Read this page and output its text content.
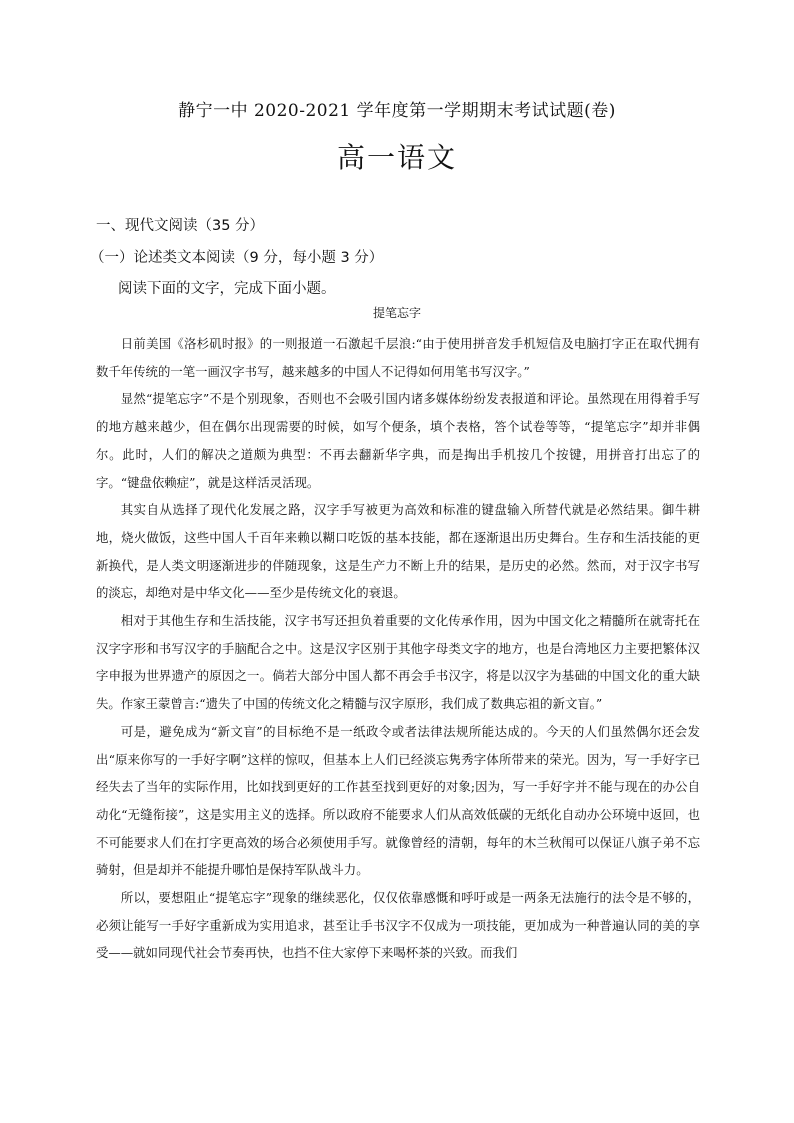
静宁一中 2020-2021 学年度第一学期期末考试试题(卷)
高一语文
一、现代文阅读（35 分）
（一）论述类文本阅读（9 分，每小题 3 分）
阅读下面的文字，完成下面小题。
提笔忘字

日前美国《洛杉矶时报》的一则报道一石激起千层浪:“由于使用拼音发手机短信及电脑打字正在取代拥有数千年传统的一笔一画汉字书写，越来越多的中国人不记得如何用笔书写汉字。”

显然“提笔忘字”不是个别现象，否则也不会吸引国内诸多媒体纷纷发表报道和评论。虽然现在用得着手写的地方越来越少，但在偶尔出现需要的时候，如写个便条，填个表格，答个试卷等等，“提笔忘字”却并非偶尔。此时，人们的解决之道颇为典型：不再去翻新华字典，而是掏出手机按几个按键，用拼音打出忘了的字。“键盘依赖症”，就是这样活灵活现。

其实自从选择了现代化发展之路，汉字手写被更为高效和标准的键盘输入所替代就是必然结果。御牛耕地，烧火做饭，这些中国人千百年来赖以糊口吃饭的基本技能，都在逐渐退出历史舞台。生存和生活技能的更新换代，是人类文明逐渐进步的伴随现象，这是生产力不断上升的结果，是历史的必然。然而，对于汉字书写的淡忘，却绝对是中华文化——至少是传统文化的衰退。

相对于其他生存和生活技能，汉字书写还担负着重要的文化传承作用，因为中国文化之精髓所在就寄托在汉字字形和书写汉字的手脑配合之中。这是汉字区别于其他字母类文字的地方，也是台湾地区力主要把繁体汉字申报为世界遗产的原因之一。倘若大部分中国人都不再会手书汉字，将是以汉字为基础的中国文化的重大缺失。作家王蒙曾言:“遗失了中国的传统文化之精髓与汉字原形，我们成了数典忘祖的新文盲。”

可是，避免成为“新文盲”的目标绝不是一纸政令或者法律法规所能达成的。今天的人们虽然偶尔还会发出“原来你写的一手好字啊”这样的惊叹，但基本上人们已经淡忘隽秀字体所带来的荣光。因为，写一手好字已经失去了当年的实际作用，比如找到更好的工作甚至找到更好的对象;因为，写一手好字并不能与现在的办公自动化“无缝衔接”，这是实用主义的选择。所以政府不能要求人们从高效低碳的无纸化自动办公环境中返回，也不可能要求人们在打字更高效的场合必须使用手写。就像曾经的清朝，每年的木兰秋闱可以保证八旗子弟不忘骑射，但是却并不能提升哪怕是保持军队战斗力。

所以，要想阻止“提笔忘字”现象的继续恶化，仅仅依靠感慨和呼吁或是一两条无法施行的法令是不够的，必须让能写一手好字重新成为实用追求，甚至让手书汉字不仅成为一项技能，更加成为一种普遍认同的美的享受——就如同现代社会节奏再快，也挡不住大家停下来喝杯茶的兴致。而我们
